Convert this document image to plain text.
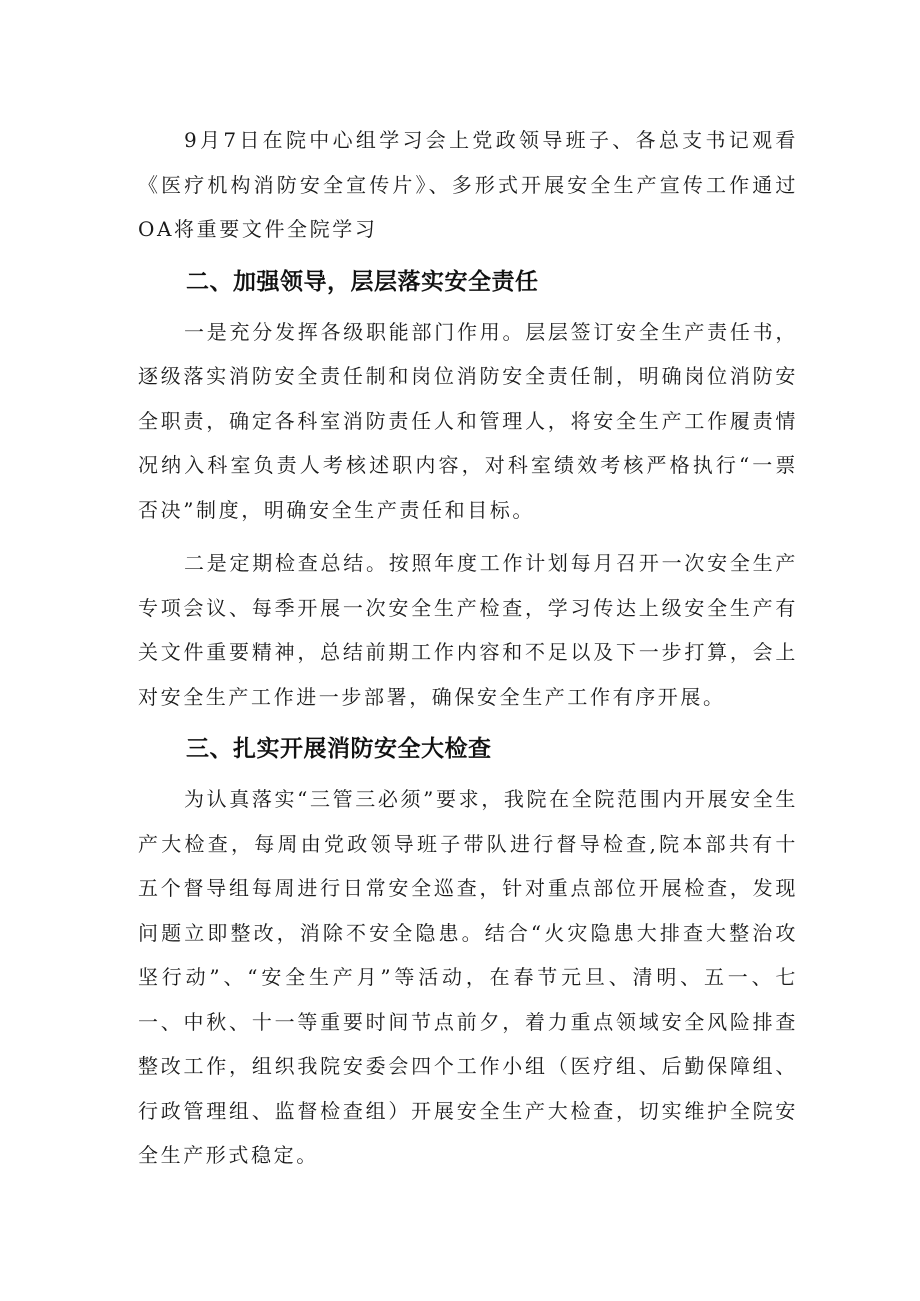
9月7日在院中心组学习会上党政领导班子、各总支书记观看《医疗机构消防安全宣传片》、多形式开展安全生产宣传工作通过OA将重要文件全院学习

二、加强领导，层层落实安全责任

一是充分发挥各级职能部门作用。层层签订安全生产责任书，逐级落实消防安全责任制和岗位消防安全责任制，明确岗位消防安全职责，确定各科室消防责任人和管理人，将安全生产工作履责情况纳入科室负责人考核述职内容，对科室绩效考核严格执行“一票否决”制度，明确安全生产责任和目标。

二是定期检查总结。按照年度工作计划每月召开一次安全生产专项会议、每季开展一次安全生产检查，学习传达上级安全生产有关文件重要精神，总结前期工作内容和不足以及下一步打算，会上对安全生产工作进一步部署，确保安全生产工作有序开展。

三、扎实开展消防安全大检查

为认真落实“三管三必须”要求，我院在全院范围内开展安全生产大检查，每周由党政领导班子带队进行督导检查,院本部共有十五个督导组每周进行日常安全巡查，针对重点部位开展检查，发现问题立即整改，消除不安全隐患。结合“火灾隐患大排查大整治攻坚行动”、“安全生产月”等活动，在春节元旦、清明、五一、七一、中秋、十一等重要时间节点前夕，着力重点领域安全风险排查整改工作，组织我院安委会四个工作小组（医疗组、后勤保障组、行政管理组、监督检查组）开展安全生产大检查，切实维护全院安全生产形式稳定。
